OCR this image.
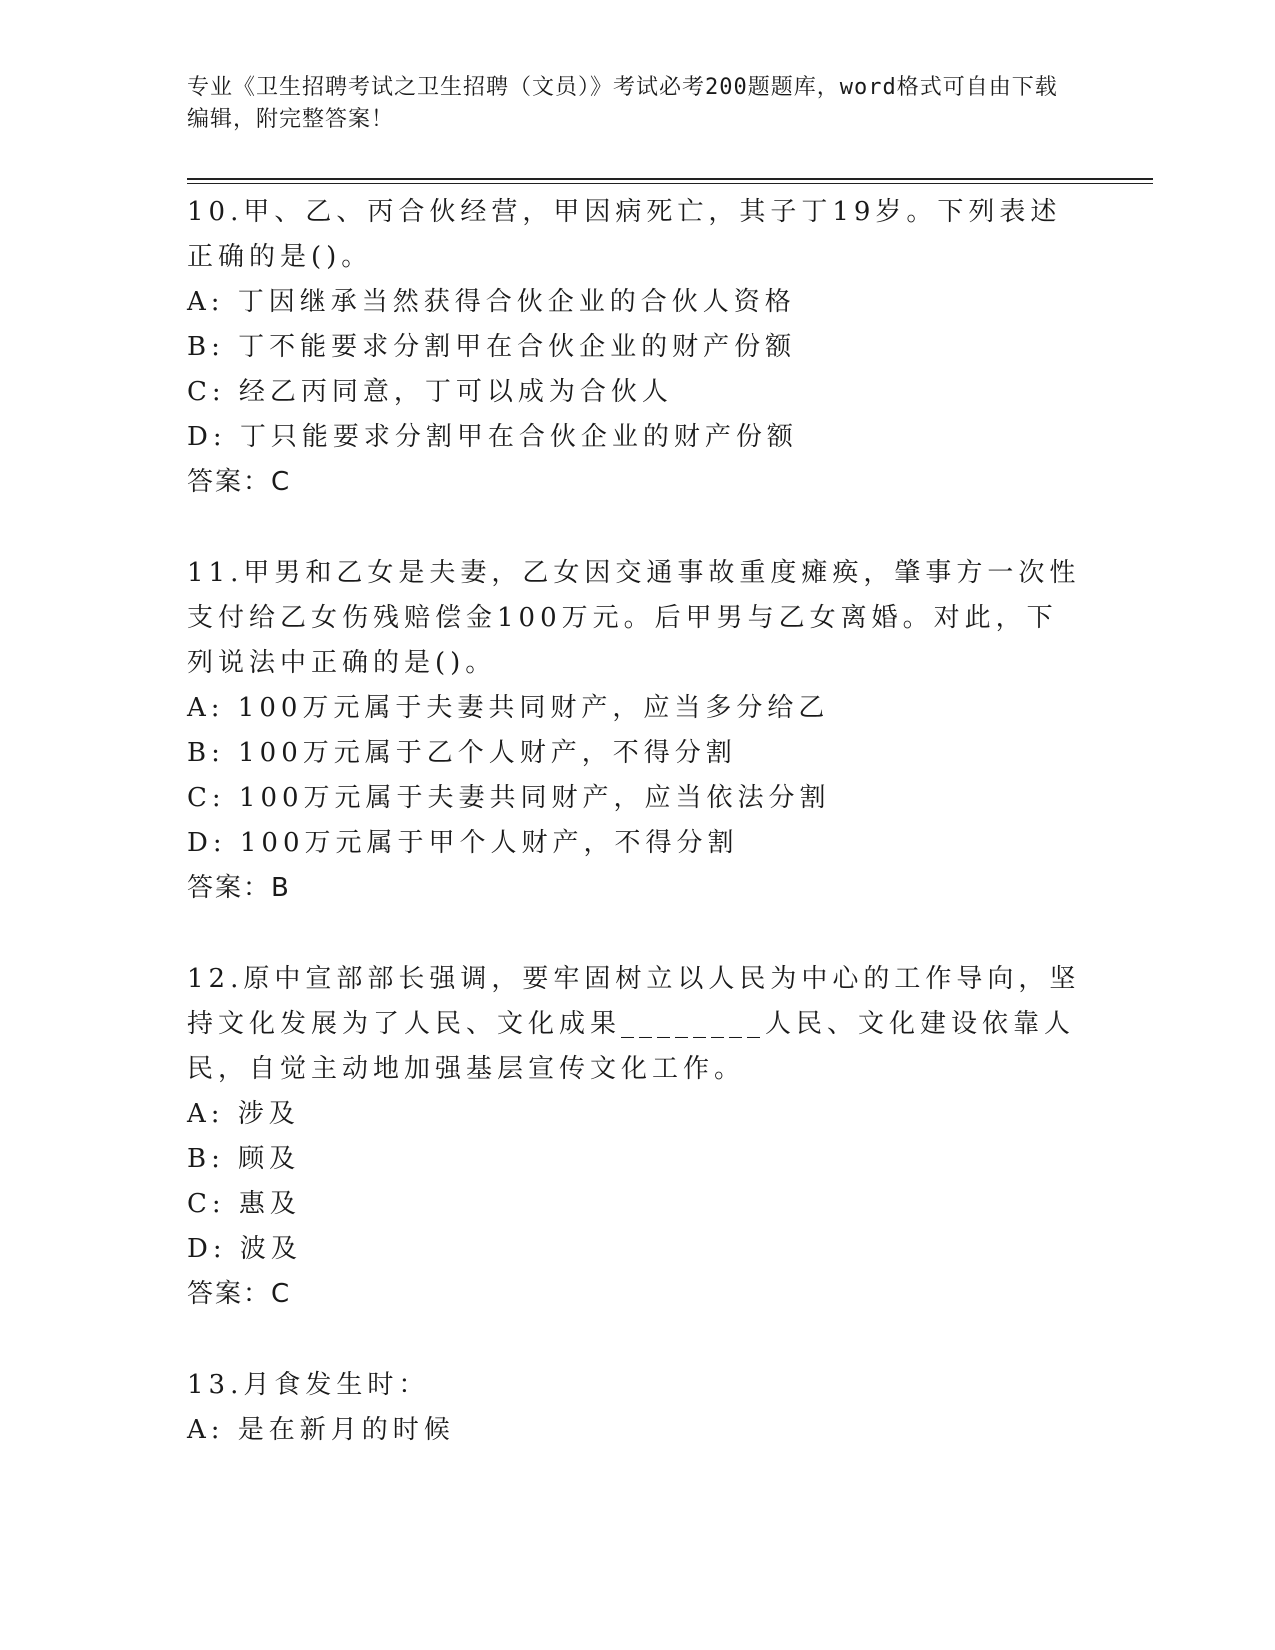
专业《卫生招聘考试之卫生招聘（文员）》考试必考200题题库，word格式可自由下载编辑，附完整答案！
10.甲、乙、丙合伙经营，甲因病死亡，其子丁19岁。下列表述正确的是()。
A: 丁因继承当然获得合伙企业的合伙人资格
B: 丁不能要求分割甲在合伙企业的财产份额
C: 经乙丙同意，丁可以成为合伙人
D: 丁只能要求分割甲在合伙企业的财产份额
答案：C
11.甲男和乙女是夫妻，乙女因交通事故重度瘫痪，肇事方一次性支付给乙女伤残赔偿金100万元。后甲男与乙女离婚。对此，下列说法中正确的是()。
A: 100万元属于夫妻共同财产，应当多分给乙
B: 100万元属于乙个人财产，不得分割
C: 100万元属于夫妻共同财产，应当依法分割
D: 100万元属于甲个人财产，不得分割
答案：B
12.原中宣部部长强调，要牢固树立以人民为中心的工作导向，坚持文化发展为了人民、文化成果________人民、文化建设依靠人民，自觉主动地加强基层宣传文化工作。
A: 涉及
B: 顾及
C: 惠及
D: 波及
答案：C
13.月食发生时：
A: 是在新月的时候
